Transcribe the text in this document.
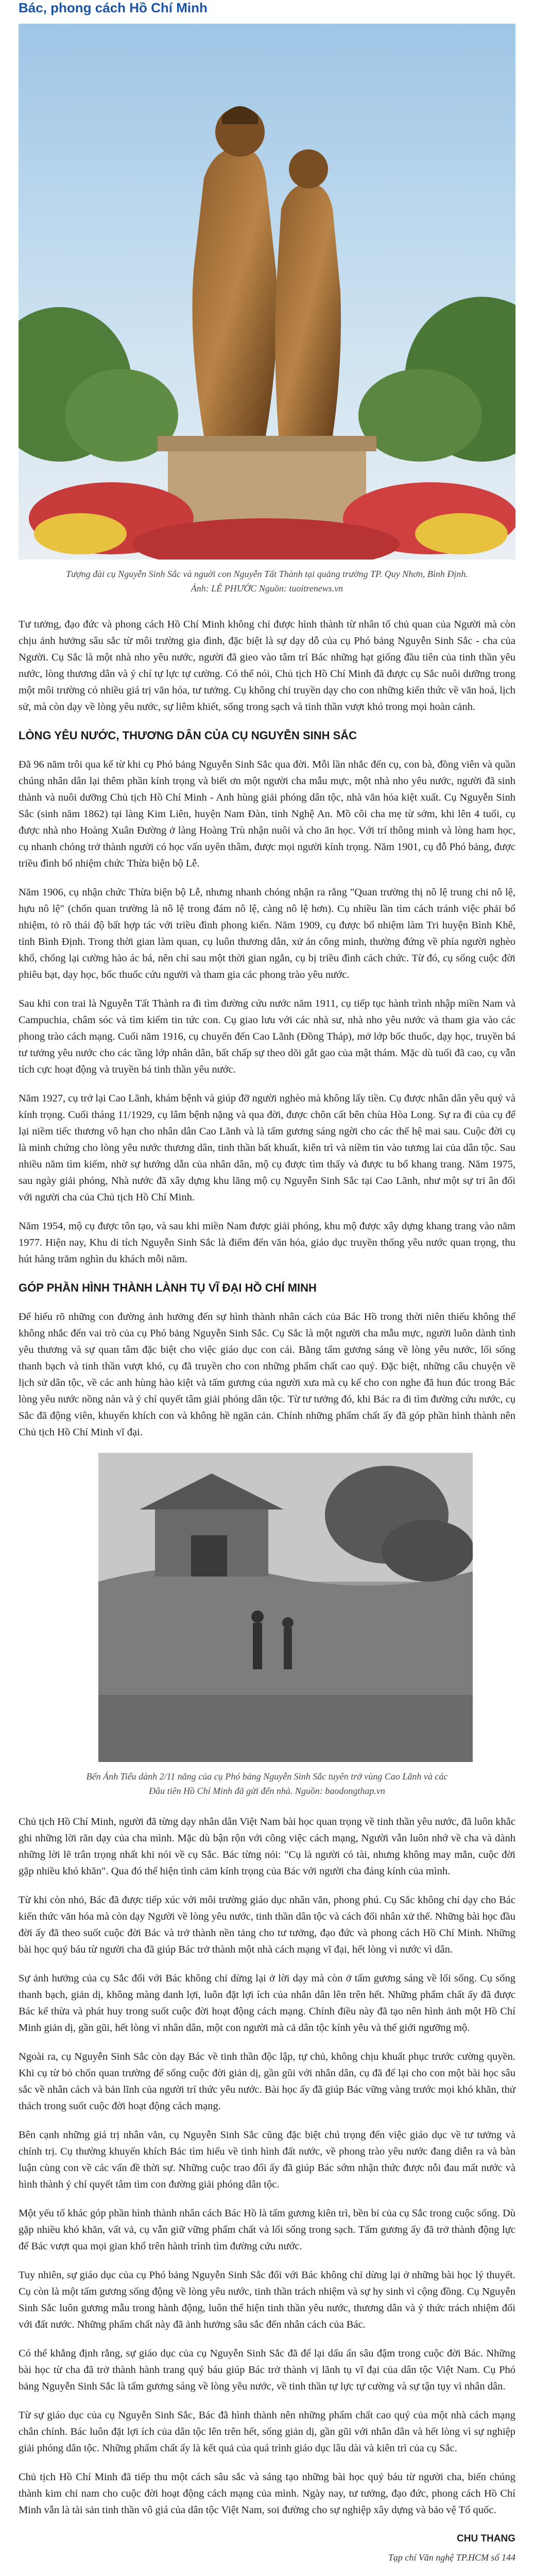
Bác, phong cách Hồ Chí Minh
Tượng đài cụ Nguyễn Sinh Sắc và nguời con Nguyễn Tất Thành tại quảng trường TP. Quy Nhơn, Bình Định.
Ảnh: LÊ PHƯỚC Nguồn: tuoitrenews.vn

Tư tưởng, đạo đức và phong cách Hồ Chí Minh không chỉ được hình thành từ nhân tố chủ quan của Người mà còn chịu ảnh hưởng sâu sắc từ môi trường gia đình, đặc biệt là sự dạy dỗ của cụ Phó bảng Nguyễn Sinh Sắc - cha của Người. Cụ Sắc là một nhà nho yêu nước, người đã gieo vào tâm trí Bác những hạt giống đầu tiên của tinh thần yêu nước, lòng thương dân và ý chí tự lực tự cường. Có thể nói, Chủ tịch Hồ Chí Minh đã được cụ Sắc nuôi dưỡng trong một môi trường có nhiều giá trị văn hóa, tư tưởng. Cụ không chỉ truyền dạy cho con những kiến thức về văn hoá, lịch sử, mà còn dạy về lòng yêu nước, sự liêm khiết, sống trong sạch và tinh thần vượt khó trong mọi hoàn cảnh.

LÒNG YÊU NƯỚC, THƯƠNG DÂN CỦA CỤ NGUYỄN SINH SẮC

Đã 96 năm trôi qua kể từ khi cụ Phó bảng Nguyễn Sinh Sắc qua đời. Mỗi lần nhắc đến cụ, con bà, đồng viên và quần chúng nhân dân lại thêm phần kính trọng và biết ơn một người cha mẫu mực, một nhà nho yêu nước, người đã sinh thành và nuôi dưỡng Chủ tịch Hồ Chí Minh - Anh hùng giải phóng dân tộc, nhà văn hóa kiệt xuất. Cụ Nguyễn Sinh Sắc (sinh năm 1862) tại làng Kim Liên, huyện Nam Đàn, tỉnh Nghệ An. Mồ côi cha mẹ từ sớm, khi lên 4 tuổi, cụ được nhà nho Hoàng Xuân Đường ở làng Hoàng Trù nhận nuôi và cho ăn học. Với trí thông minh và lòng ham học, cụ nhanh chóng trở thành người có học vấn uyên thâm, được mọi người kính trọng. Năm 1901, cụ đỗ Phó bảng, được triều đình bổ nhiệm chức Thừa biện bộ Lễ.

Năm 1906, cụ nhận chức Thừa biện bộ Lễ, nhưng nhanh chóng nhận ra rằng "Quan trường thị nô lệ trung chi nô lệ, hựu nô lệ" (chốn quan trường là nô lệ trong đám nô lệ, càng nô lệ hơn). Cụ nhiều lần tìm cách tránh việc phải bổ nhiệm, tỏ rõ thái độ bất hợp tác với triều đình phong kiến. Năm 1909, cụ được bổ nhiệm làm Tri huyện Bình Khê, tỉnh Bình Định. Trong thời gian làm quan, cụ luôn thương dân, xử án công minh, thường đứng về phía người nghèo khổ, chống lại cường hào ác bá, nên chỉ sau một thời gian ngắn, cụ bị triều đình cách chức. Từ đó, cụ sống cuộc đời phiêu bạt, dạy học, bốc thuốc cứu người và tham gia các phong trào yêu nước.

Sau khi con trai là Nguyễn Tất Thành ra đi tìm đường cứu nước năm 1911, cụ tiếp tục hành trình nhập miền Nam và Campuchia, châm sóc và tìm kiếm tin tức con. Cụ giao lưu với các nhà sư, nhà nho yêu nước và tham gia vào các phong trào cách mạng. Cuối năm 1916, cụ chuyển đến Cao Lãnh (Đồng Tháp), mở lớp bốc thuốc, dạy học, truyền bá tư tưởng yêu nước cho các tầng lớp nhân dân, bất chấp sự theo dõi gắt gao của mật thám. Mặc dù tuổi đã cao, cụ vẫn tích cực hoạt động và truyền bá tinh thần yêu nước.

Năm 1927, cụ trở lại Cao Lãnh, khám bệnh và giúp đỡ người nghèo mà không lấy tiền. Cụ được nhân dân yêu quý và kính trọng. Cuối tháng 11/1929, cụ lâm bệnh nặng và qua đời, được chôn cất bên chùa Hòa Long. Sự ra đi của cụ để lại niềm tiếc thương vô hạn cho nhân dân Cao Lãnh và là tấm gương sáng ngời cho các thế hệ mai sau. Cuộc đời cụ là minh chứng cho lòng yêu nước thương dân, tinh thần bất khuất, kiên trì và niềm tin vào tương lai của dân tộc. Sau nhiều năm tìm kiếm, nhờ sự hướng dẫn của nhân dân, mộ cụ được tìm thấy và được tu bổ khang trang. Năm 1975, sau ngày giải phóng, Nhà nước đã xây dựng khu lăng mộ cụ Nguyễn Sinh Sắc tại Cao Lãnh, như một sự tri ân đối với người cha của Chủ tịch Hồ Chí Minh.

Năm 1954, mộ cụ được tôn tạo, và sau khi miền Nam được giải phóng, khu mộ được xây dựng khang trang vào năm 1977. Hiện nay, Khu di tích Nguyễn Sinh Sắc là điểm đến văn hóa, giáo dục truyền thống yêu nước quan trọng, thu hút hàng trăm nghìn du khách mỗi năm.

GÓP PHẦN HÌNH THÀNH LÀNH TỤ VĨ ĐẠI HỒ CHÍ MINH

Để hiểu rõ những con đường ảnh hưởng đến sự hình thành nhân cách của Bác Hồ trong thời niên thiếu không thể không nhắc đến vai trò của cụ Phó bảng Nguyễn Sinh Sắc. Cụ Sắc là một người cha mẫu mực, người luôn dành tình yêu thương và sự quan tâm đặc biệt cho việc giáo dục con cái. Bằng tấm gương sáng về lòng yêu nước, lối sống thanh bạch và tinh thần vượt khó, cụ đã truyền cho con những phẩm chất cao quý. Đặc biệt, những câu chuyện về lịch sử dân tộc, về các anh hùng hào kiệt và tấm gương của người xưa mà cụ kể cho con nghe đã hun đúc trong Bác lòng yêu nước nồng nàn và ý chí quyết tâm giải phóng dân tộc. Từ tư tưởng đó, khi Bác ra đi tìm đường cứu nước, cụ Sắc đã động viên, khuyến khích con và không hề ngăn cản. Chính những phẩm chất ấy đã góp phần hình thành nên Chủ tịch Hồ Chí Minh vĩ đại.

Bến Ảnh Tiểu dành 2/11 năng của cụ Phó bảng Nguyễn Sinh Sắc tuyên trở vùng Cao Lãnh và các
Đâu tiên Hồ Chí Minh đã gửi đến nhà. Nguồn: baodongthap.vn

Chủ tịch Hồ Chí Minh, người đã từng dạy nhân dân Việt Nam bài học quan trọng về tinh thần yêu nước, đã luôn khắc ghi những lời răn dạy của cha mình. Mặc dù bận rộn với công việc cách mạng, Người vẫn luôn nhớ về cha và dành những lời lẽ trân trọng nhất khi nói về cụ Sắc. Bác từng nói: "Cụ là người có tài, nhưng không may mắn, cuộc đời gặp nhiều khó khăn". Qua đó thể hiện tình cảm kính trọng của Bác với người cha đáng kính của mình.

Từ khi còn nhỏ, Bác đã được tiếp xúc với môi trường giáo dục nhân văn, phong phú. Cụ Sắc không chỉ dạy cho Bác kiến thức văn hóa mà còn dạy Người về lòng yêu nước, tinh thần dân tộc và cách đối nhân xử thế. Những bài học đầu đời ấy đã theo suốt cuộc đời Bác và trở thành nền tảng cho tư tưởng, đạo đức và phong cách Hồ Chí Minh. Những bài học quý báu từ người cha đã giúp Bác trở thành một nhà cách mạng vĩ đại, hết lòng vì nước vì dân.

Sự ảnh hưởng của cụ Sắc đối với Bác không chỉ dừng lại ở lời dạy mà còn ở tấm gương sáng về lối sống. Cụ sống thanh bạch, giản dị, không màng danh lợi, luôn đặt lợi ích của nhân dân lên trên hết. Những phẩm chất ấy đã được Bác kế thừa và phát huy trong suốt cuộc đời hoạt động cách mạng. Chính điều này đã tạo nên hình ảnh một Hồ Chí Minh giản dị, gần gũi, hết lòng vì nhân dân, một con người mà cả dân tộc kính yêu và thế giới ngưỡng mộ.

Ngoài ra, cụ Nguyễn Sinh Sắc còn dạy Bác về tinh thần độc lập, tự chủ, không chịu khuất phục trước cường quyền. Khi cụ từ bỏ chốn quan trường để sống cuộc đời giản dị, gần gũi với nhân dân, cụ đã để lại cho con một bài học sâu sắc về nhân cách và bản lĩnh của người trí thức yêu nước. Bài học ấy đã giúp Bác vững vàng trước mọi khó khăn, thử thách trong suốt cuộc đời hoạt động cách mạng.

Bên cạnh những giá trị nhân văn, cụ Nguyễn Sinh Sắc cũng đặc biệt chú trọng đến việc giáo dục về tư tưởng và chính trị. Cụ thường khuyến khích Bác tìm hiểu về tình hình đất nước, về phong trào yêu nước đang diễn ra và bàn luận cùng con về các vấn đề thời sự. Những cuộc trao đổi ấy đã giúp Bác sớm nhận thức được nỗi đau mất nước và hình thành ý chí quyết tâm tìm con đường giải phóng dân tộc.

Một yếu tố khác góp phần hình thành nhân cách Bác Hồ là tấm gương kiên trì, bền bỉ của cụ Sắc trong cuộc sống. Dù gặp nhiều khó khăn, vất vả, cụ vẫn giữ vững phẩm chất và lối sống trong sạch. Tấm gương ấy đã trở thành động lực để Bác vượt qua mọi gian khổ trên hành trình tìm đường cứu nước.

Tuy nhiên, sự giáo dục của cụ Phó bảng Nguyễn Sinh Sắc đối với Bác không chỉ dừng lại ở những bài học lý thuyết. Cụ còn là một tấm gương sống động về lòng yêu nước, tinh thần trách nhiệm và sự hy sinh vì cộng đồng. Cụ Nguyễn Sinh Sắc luôn gương mẫu trong hành động, luôn thể hiện tinh thần yêu nước, thương dân và ý thức trách nhiệm đối với đất nước. Những phẩm chất này đã ảnh hưởng sâu sắc đến nhân cách của Bác.

Có thể khẳng định rằng, sự giáo dục của cụ Nguyễn Sinh Sắc đã để lại dấu ấn sâu đậm trong cuộc đời Bác. Những bài học từ cha đã trở thành hành trang quý báu giúp Bác trở thành vị lãnh tụ vĩ đại của dân tộc Việt Nam. Cụ Phó bảng Nguyễn Sinh Sắc là tấm gương sáng về lòng yêu nước, về tinh thần tự lực tự cường và sự tận tụy vì nhân dân.

Từ sự giáo dục của cụ Nguyễn Sinh Sắc, Bác đã hình thành nên những phẩm chất cao quý của một nhà cách mạng chân chính. Bác luôn đặt lợi ích của dân tộc lên trên hết, sống giản dị, gần gũi với nhân dân và hết lòng vì sự nghiệp giải phóng dân tộc. Những phẩm chất ấy là kết quả của quá trình giáo dục lâu dài và kiên trì của cụ Sắc.

Chủ tịch Hồ Chí Minh đã tiếp thu một cách sâu sắc và sáng tạo những bài học quý báu từ người cha, biến chúng thành kim chỉ nam cho cuộc đời hoạt động cách mạng của mình. Ngày nay, tư tưởng, đạo đức, phong cách Hồ Chí Minh vẫn là tài sản tinh thần vô giá của dân tộc Việt Nam, soi đường cho sự nghiệp xây dựng và bảo vệ Tổ quốc.

CHU THANG
Tạp chí Văn nghệ TP.HCM số 144
